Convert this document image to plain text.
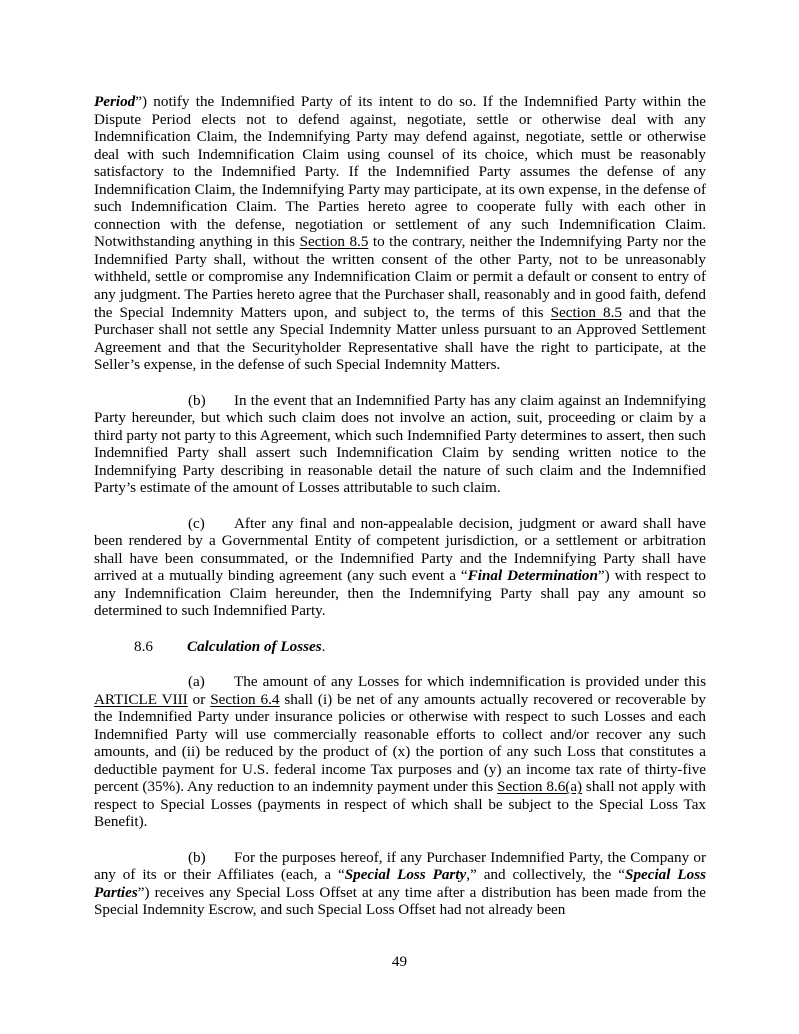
Period”) notify the Indemnified Party of its intent to do so. If the Indemnified Party within the Dispute Period elects not to defend against, negotiate, settle or otherwise deal with any Indemnification Claim, the Indemnifying Party may defend against, negotiate, settle or otherwise deal with such Indemnification Claim using counsel of its choice, which must be reasonably satisfactory to the Indemnified Party. If the Indemnified Party assumes the defense of any Indemnification Claim, the Indemnifying Party may participate, at its own expense, in the defense of such Indemnification Claim. The Parties hereto agree to cooperate fully with each other in connection with the defense, negotiation or settlement of any such Indemnification Claim. Notwithstanding anything in this Section 8.5 to the contrary, neither the Indemnifying Party nor the Indemnified Party shall, without the written consent of the other Party, not to be unreasonably withheld, settle or compromise any Indemnification Claim or permit a default or consent to entry of any judgment. The Parties hereto agree that the Purchaser shall, reasonably and in good faith, defend the Special Indemnity Matters upon, and subject to, the terms of this Section 8.5 and that the Purchaser shall not settle any Special Indemnity Matter unless pursuant to an Approved Settlement Agreement and that the Securityholder Representative shall have the right to participate, at the Seller’s expense, in the defense of such Special Indemnity Matters.

(b) In the event that an Indemnified Party has any claim against an Indemnifying Party hereunder, but which such claim does not involve an action, suit, proceeding or claim by a third party not party to this Agreement, which such Indemnified Party determines to assert, then such Indemnified Party shall assert such Indemnification Claim by sending written notice to the Indemnifying Party describing in reasonable detail the nature of such claim and the Indemnified Party’s estimate of the amount of Losses attributable to such claim.

(c) After any final and non-appealable decision, judgment or award shall have been rendered by a Governmental Entity of competent jurisdiction, or a settlement or arbitration shall have been consummated, or the Indemnified Party and the Indemnifying Party shall have arrived at a mutually binding agreement (any such event a “Final Determination”) with respect to any Indemnification Claim hereunder, then the Indemnifying Party shall pay any amount so determined to such Indemnified Party.

8.6 Calculation of Losses.

(a) The amount of any Losses for which indemnification is provided under this ARTICLE VIII or Section 6.4 shall (i) be net of any amounts actually recovered or recoverable by the Indemnified Party under insurance policies or otherwise with respect to such Losses and each Indemnified Party will use commercially reasonable efforts to collect and/or recover any such amounts, and (ii) be reduced by the product of (x) the portion of any such Loss that constitutes a deductible payment for U.S. federal income Tax purposes and (y) an income tax rate of thirty-five percent (35%). Any reduction to an indemnity payment under this Section 8.6(a) shall not apply with respect to Special Losses (payments in respect of which shall be subject to the Special Loss Tax Benefit).

(b) For the purposes hereof, if any Purchaser Indemnified Party, the Company or any of its or their Affiliates (each, a “Special Loss Party,” and collectively, the “Special Loss Parties”) receives any Special Loss Offset at any time after a distribution has been made from the Special Indemnity Escrow, and such Special Loss Offset had not already been

49
